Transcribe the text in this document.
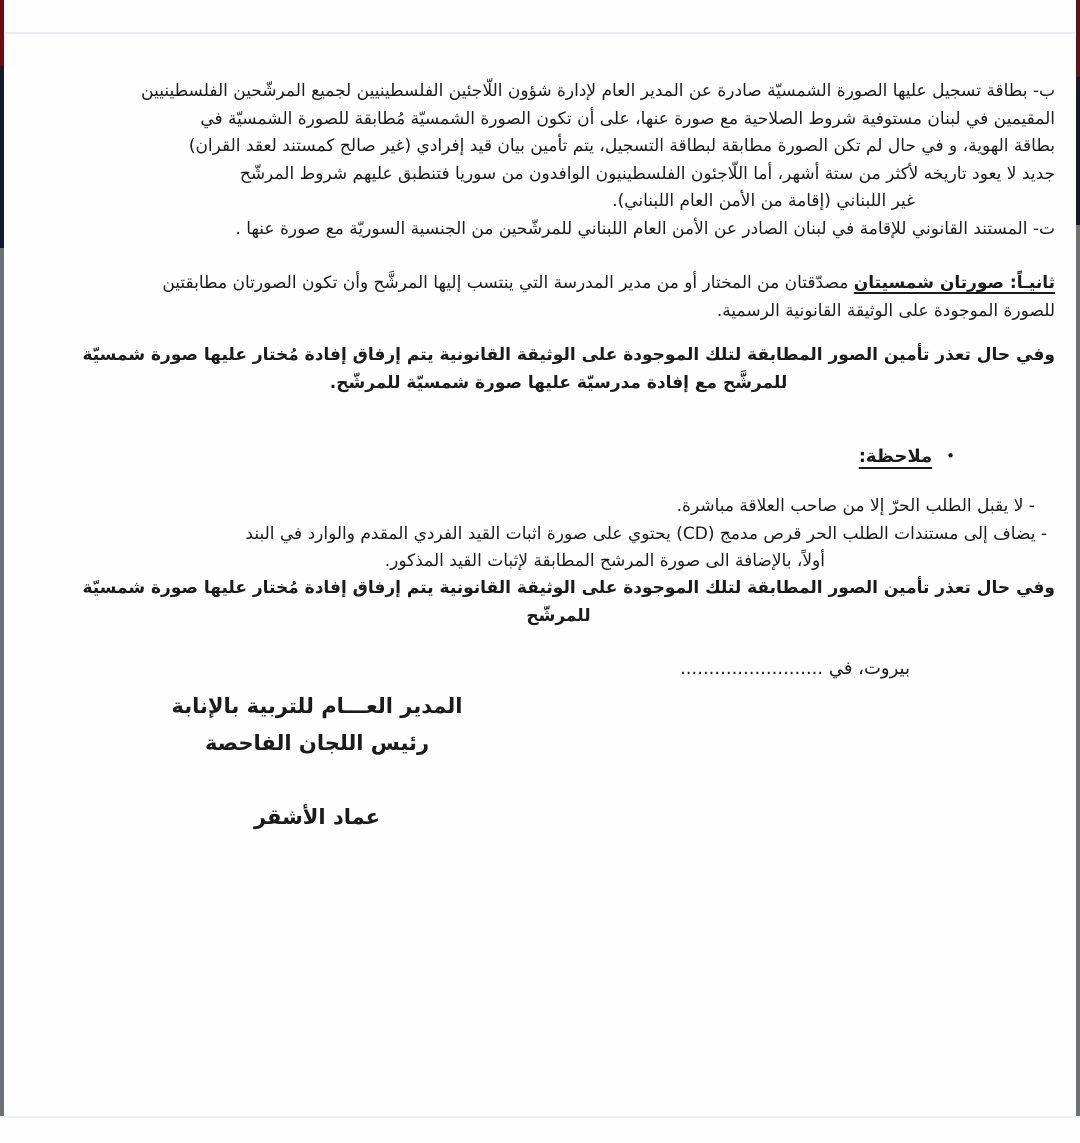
ب- بطاقة تسجيل عليها الصورة الشمسيّة صادرة عن المدير العام لإدارة شؤون اللّاجئين الفلسطينيين لجميع المرشّحين الفلسطينيين
المقيمين في لبنان مستوفية شروط الصلاحية مع صورة عنها، على أن تكون الصورة الشمسيّة مُطابقة للصورة الشمسيّة في
بطاقة الهوية، و في حال لم تكن الصورة مطابقة لبطاقة التسجيل، يتم تأمين بيان قيد إفرادي (غير صالح كمستند لعقد القران)
جديد لا يعود تاريخه لأكثر من ستة أشهر، أما اللّاجئون الفلسطينيون الوافدون من سوريا فتنطبق عليهم شروط المرشّح
غير اللبناني (إقامة من الأمن العام اللبناني).
ت- المستند القانوني للإقامة في لبنان الصادر عن الأمن العام اللبناني للمرشّحين من الجنسية السوريّة مع صورة عنها .
ثانيـاً: صورتان شمسيتان مصدّقتان من المختار أو من مدير المدرسة التي ينتسب إليها المرشَّح وأن تكون الصورتان مطابقتين
للصورة الموجودة على الوثيقة القانونية الرسمية.
وفي حال تعذر تأمين الصور المطابقة لتلك الموجودة على الوثيقة القانونية يتم إرفاق إفادة مُختار عليها صورة شمسيّة
للمرشَّح مع إفادة مدرسيّة عليها صورة شمسيّة للمرشّح.
•
ملاحظة:
- لا يقبل الطلب الحرّ إلا من صاحب العلاقة مباشرة.
- يضاف إلى مستندات الطلب الحر قرص مدمج (CD) يحتوي على صورة اثبات القيد الفردي المقدم والوارد في البند
أولاً، بالإضافة الى صورة المرشح المطابقة لإثبات القيد المذكور.
وفي حال تعذر تأمين الصور المطابقة لتلك الموجودة على الوثيقة القانونية يتم إرفاق إفادة مُختار عليها صورة شمسيّة
للمرشّح
بيروت، في .........................
المدير العـــام للتربية بالإنابة
رئيس اللجان الفاحصة
عماد الأشقر
